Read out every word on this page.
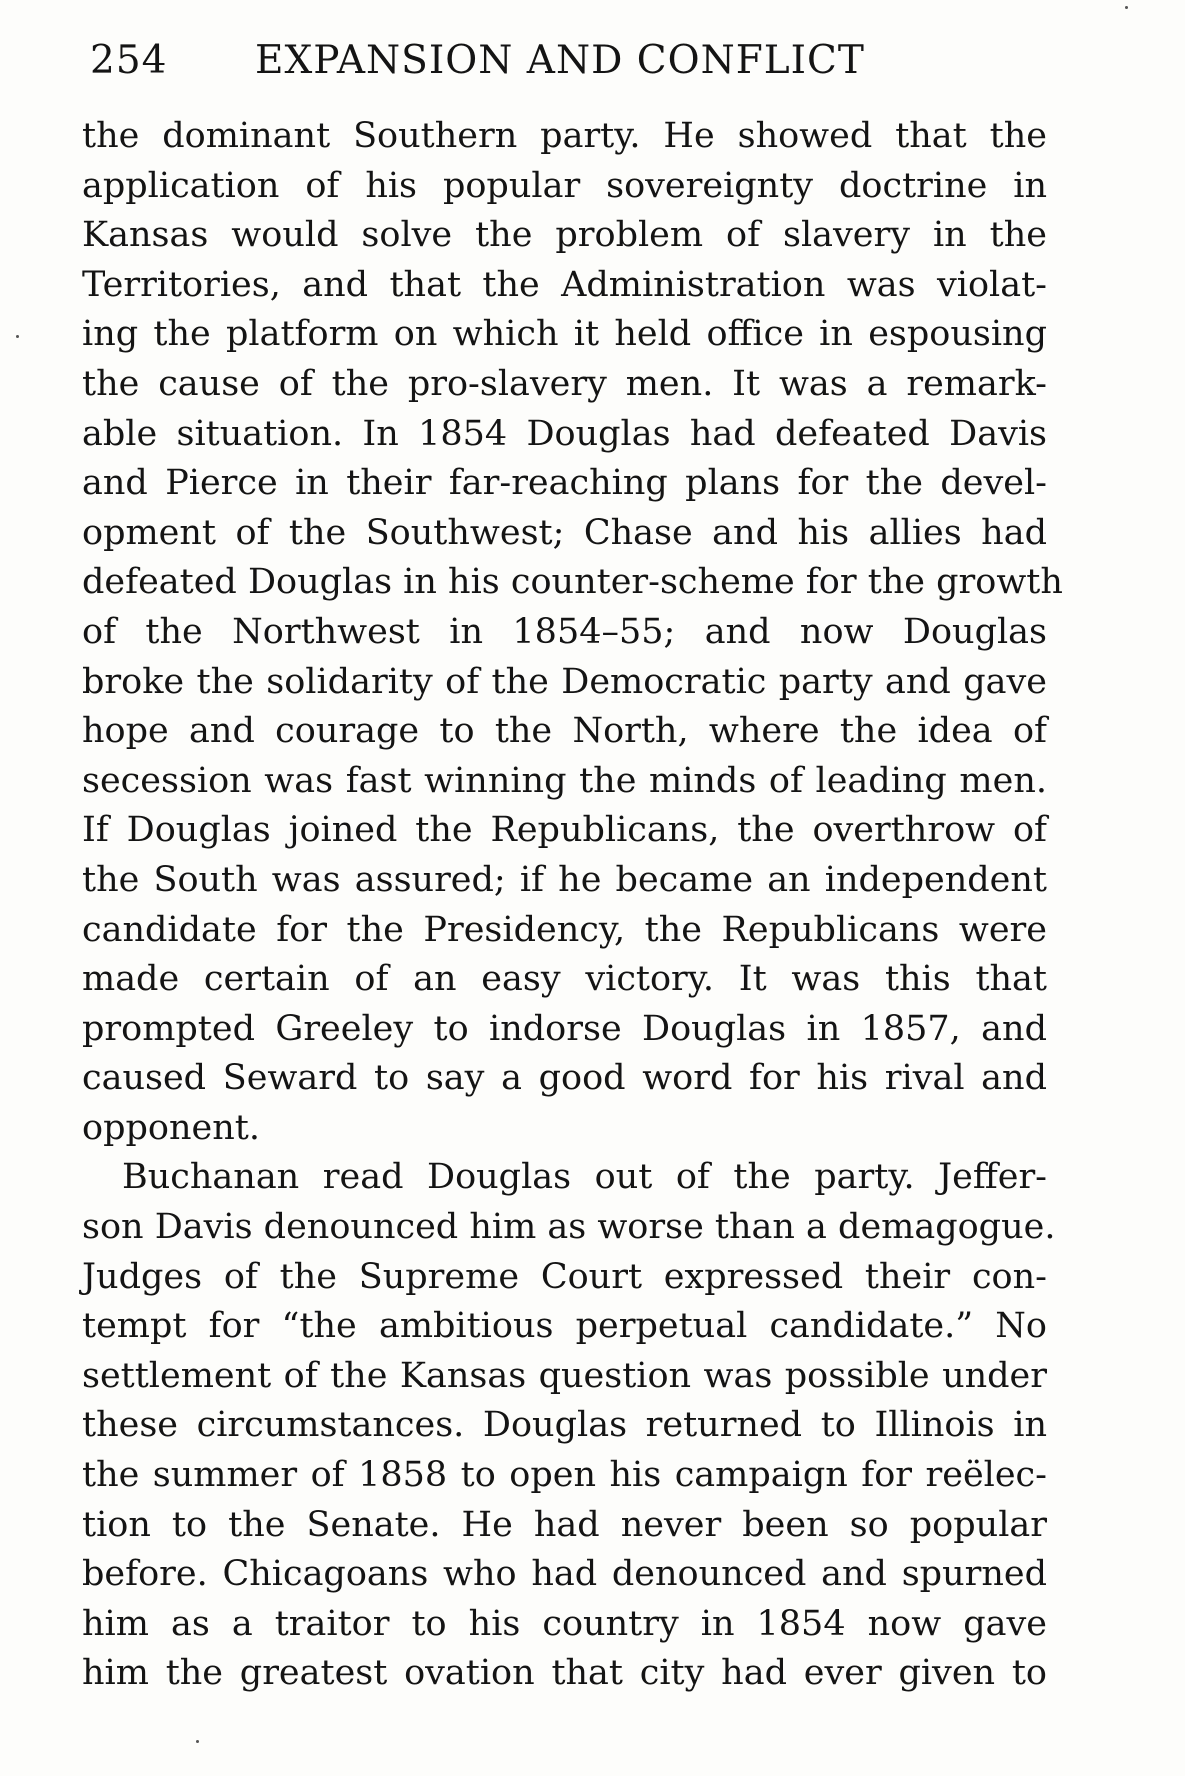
254 EXPANSION AND CONFLICT
the dominant Southern party. He showed that the
application of his popular sovereignty doctrine in
Kansas would solve the problem of slavery in the
Territories, and that the Administration was violat-
ing the platform on which it held office in espousing
the cause of the pro-slavery men. It was a remark-
able situation. In 1854 Douglas had defeated Davis
and Pierce in their far-reaching plans for the devel-
opment of the Southwest; Chase and his allies had
defeated Douglas in his counter-scheme for the growth
of the Northwest in 1854–55; and now Douglas
broke the solidarity of the Democratic party and gave
hope and courage to the North, where the idea of
secession was fast winning the minds of leading men.
If Douglas joined the Republicans, the overthrow of
the South was assured; if he became an independent
candidate for the Presidency, the Republicans were
made certain of an easy victory. It was this that
prompted Greeley to indorse Douglas in 1857, and
caused Seward to say a good word for his rival and
opponent.
Buchanan read Douglas out of the party. Jeffer-
son Davis denounced him as worse than a demagogue.
Judges of the Supreme Court expressed their con-
tempt for “the ambitious perpetual candidate.” No
settlement of the Kansas question was possible under
these circumstances. Douglas returned to Illinois in
the summer of 1858 to open his campaign for reëlec-
tion to the Senate. He had never been so popular
before. Chicagoans who had denounced and spurned
him as a traitor to his country in 1854 now gave
him the greatest ovation that city had ever given to
